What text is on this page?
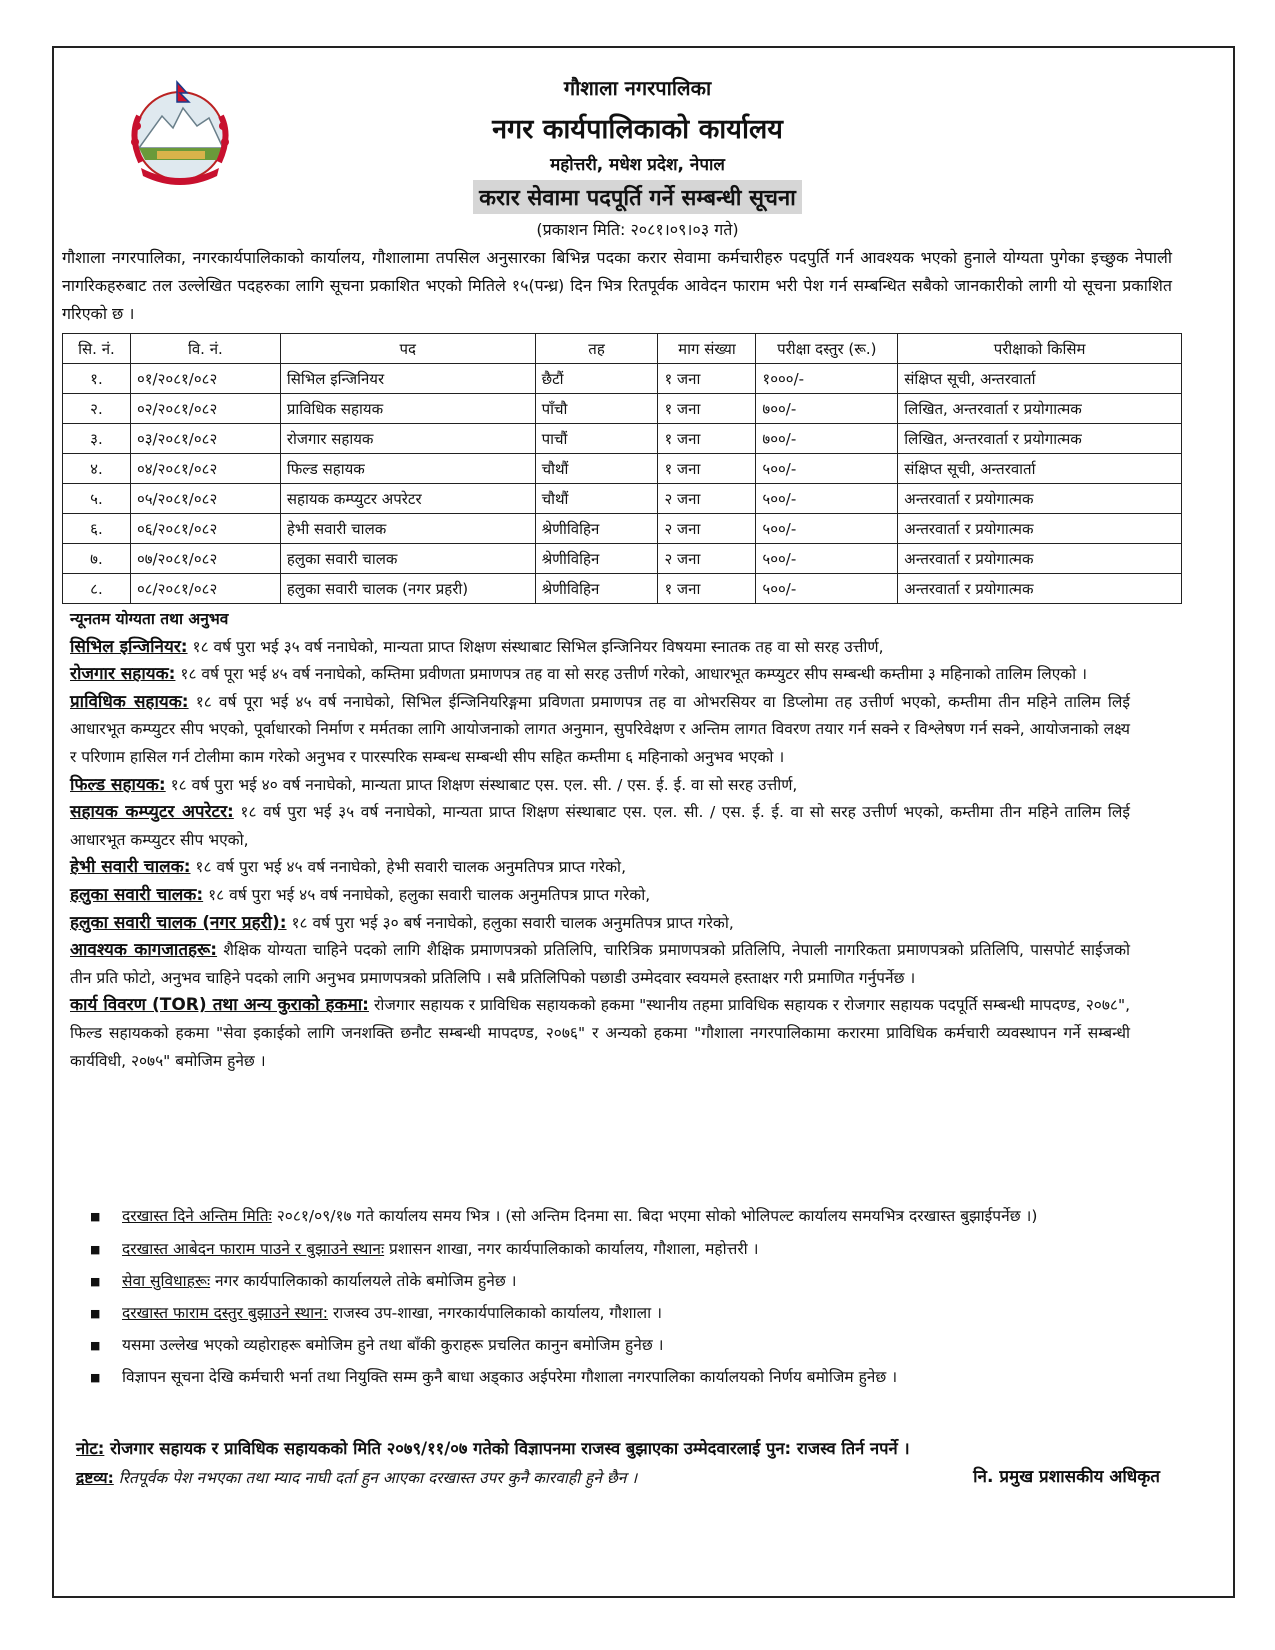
गौशाला नगरपालिका
नगर कार्यपालिकाको कार्यालय
महोत्तरी, मधेश प्रदेश, नेपाल
करार सेवामा पदपूर्ति गर्ने सम्बन्धी सूचना
(प्रकाशन मिति: २०८१।०९।०३ गते)
गौशाला नगरपालिका, नगरकार्यपालिकाको कार्यालय, गौशालामा तपसिल अनुसारका बिभिन्न पदका करार सेवामा कर्मचारीहरु पदपुर्ति गर्न आवश्यक भएको हुनाले योग्यता पुगेका इच्छुक नेपाली नागरिकहरुबाट तल उल्लेखित पदहरुका लागि सूचना प्रकाशित भएको मितिले १५(पन्ध्र) दिन भित्र रितपूर्वक आवेदन फाराम भरी पेश गर्न सम्बन्धित सबैको जानकारीको लागी यो सूचना प्रकाशित गरिएको छ ।
सि. नं.	वि. नं.	पद	तह	माग संख्या	परीक्षा दस्तुर (रू.)	परीक्षाको किसिम
१.	०१/२०८१/०८२	सिभिल इन्जिनियर	छैटौं	१ जना	१०००/-	संक्षिप्त सूची, अन्तरवार्ता
२.	०२/२०८१/०८२	प्राविधिक सहायक	पाँचौ	१ जना	७००/-	लिखित, अन्तरवार्ता र प्रयोगात्मक
३.	०३/२०८१/०८२	रोजगार सहायक	पाचौं	१ जना	७००/-	लिखित, अन्तरवार्ता र प्रयोगात्मक
४.	०४/२०८१/०८२	फिल्ड सहायक	चौथौं	१ जना	५००/-	संक्षिप्त सूची, अन्तरवार्ता
५.	०५/२०८१/०८२	सहायक कम्प्युटर अपरेटर	चौथौं	२ जना	५००/-	अन्तरवार्ता र प्रयोगात्मक
६.	०६/२०८१/०८२	हेभी सवारी चालक	श्रेणीविहिन	२ जना	५००/-	अन्तरवार्ता र प्रयोगात्मक
७.	०७/२०८१/०८२	हलुका सवारी चालक	श्रेणीविहिन	२ जना	५००/-	अन्तरवार्ता र प्रयोगात्मक
८.	०८/२०८१/०८२	हलुका सवारी चालक (नगर प्रहरी)	श्रेणीविहिन	१ जना	५००/-	अन्तरवार्ता र प्रयोगात्मक

न्यूनतम योग्यता तथा अनुभव

सिभिल इन्जिनियर: १८ वर्ष पुरा भई ३५ वर्ष ननाघेको, मान्यता प्राप्त शिक्षण संस्थाबाट सिभिल इन्जिनियर विषयमा स्नातक तह वा सो सरह उत्तीर्ण,

रोजगार सहायक: १८ वर्ष पूरा भई ४५ वर्ष ननाघेको, कम्तिमा प्रवीणता प्रमाणपत्र तह वा सो सरह उत्तीर्ण गरेको, आधारभूत कम्प्युटर सीप सम्बन्धी कम्तीमा ३ महिनाको तालिम लिएको ।

प्राविधिक सहायक: १८ वर्ष पूरा भई ४५ वर्ष ननाघेको, सिभिल ईन्जिनियरिङ्गमा प्रविणता प्रमाणपत्र तह वा ओभरसियर वा डिप्लोमा तह उत्तीर्ण भएको, कम्तीमा तीन महिने तालिम लिई आधारभूत कम्प्युटर सीप भएको, पूर्वाधारको निर्माण र मर्मतका लागि आयोजनाको लागत अनुमान, सुपरिवेक्षण र अन्तिम लागत विवरण तयार गर्न सक्ने र विश्लेषण गर्न सक्ने, आयोजनाको लक्ष्य र परिणाम हासिल गर्न टोलीमा काम गरेको अनुभव र पारस्परिक सम्बन्ध सम्बन्धी सीप सहित कम्तीमा ६ महिनाको अनुभव भएको ।

फिल्ड सहायक: १८ वर्ष पुरा भई ४० वर्ष ननाघेको, मान्यता प्राप्त शिक्षण संस्थाबाट एस. एल. सी. / एस. ई. ई. वा सो सरह उत्तीर्ण,

सहायक कम्प्युटर अपरेटर: १८ वर्ष पुरा भई ३५ वर्ष ननाघेको, मान्यता प्राप्त शिक्षण संस्थाबाट एस. एल. सी. / एस. ई. ई. वा सो सरह उत्तीर्ण भएको, कम्तीमा तीन महिने तालिम लिई आधारभूत कम्प्युटर सीप भएको,

हेभी सवारी चालक: १८ वर्ष पुरा भई ४५ वर्ष ननाघेको, हेभी सवारी चालक अनुमतिपत्र प्राप्त गरेको,

हलुका सवारी चालक: १८ वर्ष पुरा भई ४५ वर्ष ननाघेको, हलुका सवारी चालक अनुमतिपत्र प्राप्त गरेको,

हलुका सवारी चालक (नगर प्रहरी): १८ वर्ष पुरा भई ३० बर्ष ननाघेको, हलुका सवारी चालक अनुमतिपत्र प्राप्त गरेको,

आवश्यक कागजातहरू: शैक्षिक योग्यता चाहिने पदको लागि शैक्षिक प्रमाणपत्रको प्रतिलिपि, चारित्रिक प्रमाणपत्रको प्रतिलिपि, नेपाली नागरिकता प्रमाणपत्रको प्रतिलिपि, पासपोर्ट साईजको तीन प्रति फोटो, अनुभव चाहिने पदको लागि अनुभव प्रमाणपत्रको प्रतिलिपि । सबै प्रतिलिपिको पछाडी उम्मेदवार स्वयमले हस्ताक्षर गरी प्रमाणित गर्नुपर्नेछ ।

कार्य विवरण (TOR) तथा अन्य कुराको हकमा: रोजगार सहायक र प्राविधिक सहायकको हकमा "स्थानीय तहमा प्राविधिक सहायक र रोजगार सहायक पदपूर्ति सम्बन्धी मापदण्ड, २०७८", फिल्ड सहायकको हकमा "सेवा इकाईको लागि जनशक्ति छनौट सम्बन्धी मापदण्ड, २०७६" र अन्यको हकमा "गौशाला नगरपालिकामा करारमा प्राविधिक कर्मचारी व्यवस्थापन गर्ने सम्बन्धी कार्यविधी, २०७५" बमोजिम हुनेछ ।

■ दरखास्त दिने अन्तिम मितिः २०८१/०९/१७ गते कार्यालय समय भित्र । (सो अन्तिम दिनमा सा. बिदा भएमा सोको भोलिपल्ट कार्यालय समयभित्र दरखास्त बुझाईपर्नेछ ।)
■ दरखास्त आबेदन फाराम पाउने र बुझाउने स्थानः प्रशासन शाखा, नगर कार्यपालिकाको कार्यालय, गौशाला, महोत्तरी ।
■ सेवा सुविधाहरूः नगर कार्यपालिकाको कार्यालयले तोके बमोजिम हुनेछ ।
■ दरखास्त फाराम दस्तुर बुझाउने स्थान: राजस्व उप-शाखा, नगरकार्यपालिकाको कार्यालय, गौशाला ।
■ यसमा उल्लेख भएको व्यहोराहरू बमोजिम हुने तथा बाँकी कुराहरू प्रचलित कानुन बमोजिम हुनेछ ।
■ विज्ञापन सूचना देखि कर्मचारी भर्ना तथा नियुक्ति सम्म कुनै बाधा अड्काउ अईपरेमा गौशाला नगरपालिका कार्यालयको निर्णय बमोजिम हुनेछ ।
नोट: रोजगार सहायक र प्राविधिक सहायकको मिति २०७९/११/०७ गतेको विज्ञापनमा राजस्व बुझाएका उम्मेदवारलाई पुन: राजस्व तिर्न नपर्ने ।
द्रष्टव्य: रितपूर्वक पेश नभएका तथा म्याद नाघी दर्ता हुन आएका दरखास्त उपर कुनै कारवाही हुने छैन ।	नि. प्रमुख प्रशासकीय अधिकृत
